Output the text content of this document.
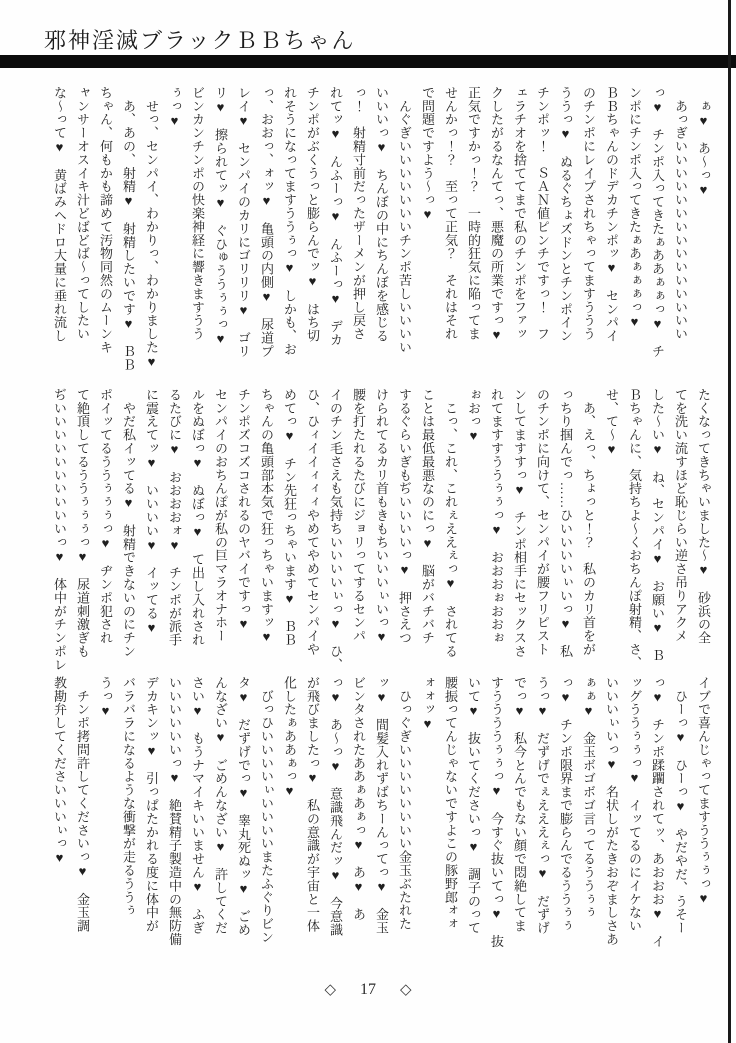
邪神淫滅ブラックＢＢちゃん
　ぁ♥　あ〜っ♥
　あっぎいいいいいいいいいいいいいいい
っ♥　チンポ入ってきたぁああぁぁっ♥　チ
ンポにチンポ入ってきたぁあぁぁぁっ♥
ＢＢちゃんのドデカチンポッ♥　センパイ
のチンポにレイプされちゃってますううう
ううっ♥　ぬるぐちょズドンとチンポイン
チンポッ！　ＳＡＮ値ピンチですっ！　フ
ェラチオを捨ててまで私のチンポをファッ
クしたがるなんてっ、悪魔の所業ですっ♥
正気ですかっ！？　一時的狂気に陥ってま
せんかっ！？　至って正気？　それはそれ
で問題ですよう〜っ♥
　んぐぎいいいいいいいチンポ苦しいいいい
いいいっ♥　ちんぼの中にちんぼを感じる
っ！　射精寸前だったザーメンが押し戻さ
れてッ♥　んふーっ♥　んふーっ♥　デカ
チンポがぶくうっと膨らんでッ♥　はち切
れそうになってますううぅっ♥　しかも、お
っ、おおっ、ォッ♥　亀頭の内側♥　尿道プ
レイ♥　センパイのカリにゴリリリ♥　ゴリ
リ♥　擦られてッ♥　ぐひゅううぅぅっ♥
ビンカンチンポの快楽神経に響きますうう
ぅっ♥
　せっ、センパイ、わかりっ、わかりました♥
　あ、あの、射精♥　射精したいです♥　ＢＢ
ちゃん、何もかも諦めて汚物同然のムーンキ
ャンサーオスイキ汁どばどば〜ってしたい
な〜って♥　黄ばみヘドロ大量に垂れ流し
たくなってきちゃいました〜♥　砂浜の全
てを洗い流すほど恥じらい逆さ吊りアクメ
した〜い♥　ね、センパイ♥　お願い♥　Ｂ
Ｂちゃんに、気持ちよ〜くおちんぽ射精、さ、
せ、て〜♥
　あ、えっ、ちょっと！？　私のカリ首をが
っちり掴んでっ……ひいいいいぃいっ♥　私
のチンポに向けて、センパイが腰フリピスト
ンしてますすっ♥　チンポ相手にセックスさ
れてますすううぅぅっ♥　おおおぉおおぉ
ぉおっ♥
　こっ、これ、これぇええぇっ♥　されてる
ことは最低最悪なのにっ♥　脳がバチバチ
するぐらいぎもぢいいいいっ♥　押さえつ
けられてるカリ首もきもちいいいぃいっ♥
腰を打たれるたびにジョリってするセンパ
イのチン毛さえも気持ちいいいいぃっ♥　ひ、
ひ、ひィイイィィィやめてやめてセンパイや
めてっ♥　チン先狂っちゃいます♥　ＢＢ
ちゃんの亀頭部本気で狂っちゃいますッ♥
チンポズコズコされるのヤバイですっ♥
センパイのおちんぽが私の巨マラオナホー
ルをぬぼっ♥　ぬぼっ♥　て出し入れされ
るたびに♥　おおおおォ♥　チンポが派手
に震えてッ♥　いいいい♥　イッてる♥
　やだ私イッてる♥　射精できないのにチン
ポイッてるううぅぅぅっ♥　ヂンポ犯され
て絶頂してるううぅぅぅっ♥　尿道刺激ぎも
ぢいいいいいいいいいいっ♥　体中がチンポレ
イブで喜んじゃってますううぅぅっ♥
　ひーっ♥　ひーっ♥　やだやだ、うそー
っ♥　チンポ蹂躙されてッ、あおおお♥　イ
ッグううぅぅっ♥　イッてるのにイケない
いいいぃいっ♥　名状しがたきおぞましさあ
ぁぁ♥　金玉ボゴボゴ言ってるううぅぅ
っ♥　チンポ限界まで膨らんでるううぅぅ
うっ♥　だずげでぇえええぇっ♥　だずげ
でっ♥　私今とんでもない顔で悶絶してま
すううううぅぅっ♥　今すぐ抜いてっ♥　抜
いて♥　抜いてくださいっ♥　調子のって
腰振ってんじゃないですよこの豚野郎ォォ
ォォッ♥
　ひっぐぎいいいいいいいい金玉ぶたれた
ッ♥　間髪入れずばちーんってっ♥　金玉
ビンタされたああぁあぁっ♥　あ♥　あ
っ♥　あ〜っ♥　意識飛んだッ♥　今意識
が飛びましたっ♥　私の意識が宇宙と一体
化したぁああぁっ♥
　びっひいいいいぃいいいいまたふぐりビン
タ♥　だずげでっ♥　睾丸死ぬッ♥　ごめ
んなざい♥　ごめんなざい♥　許してくだ
さい♥　もうナマイキいいません♥　ふぎ
いいいいいいっ♥　絶賛精子製造中の無防備
デカキンッ♥　引っぱたかれる度に体中が
バラバラになるような衝撃が走るううぅ
うっ♥
　チンポ拷問許してくださいっ♥　金玉調
教勘弁してくださいいいぃっ♥
◇ 17 ◇
